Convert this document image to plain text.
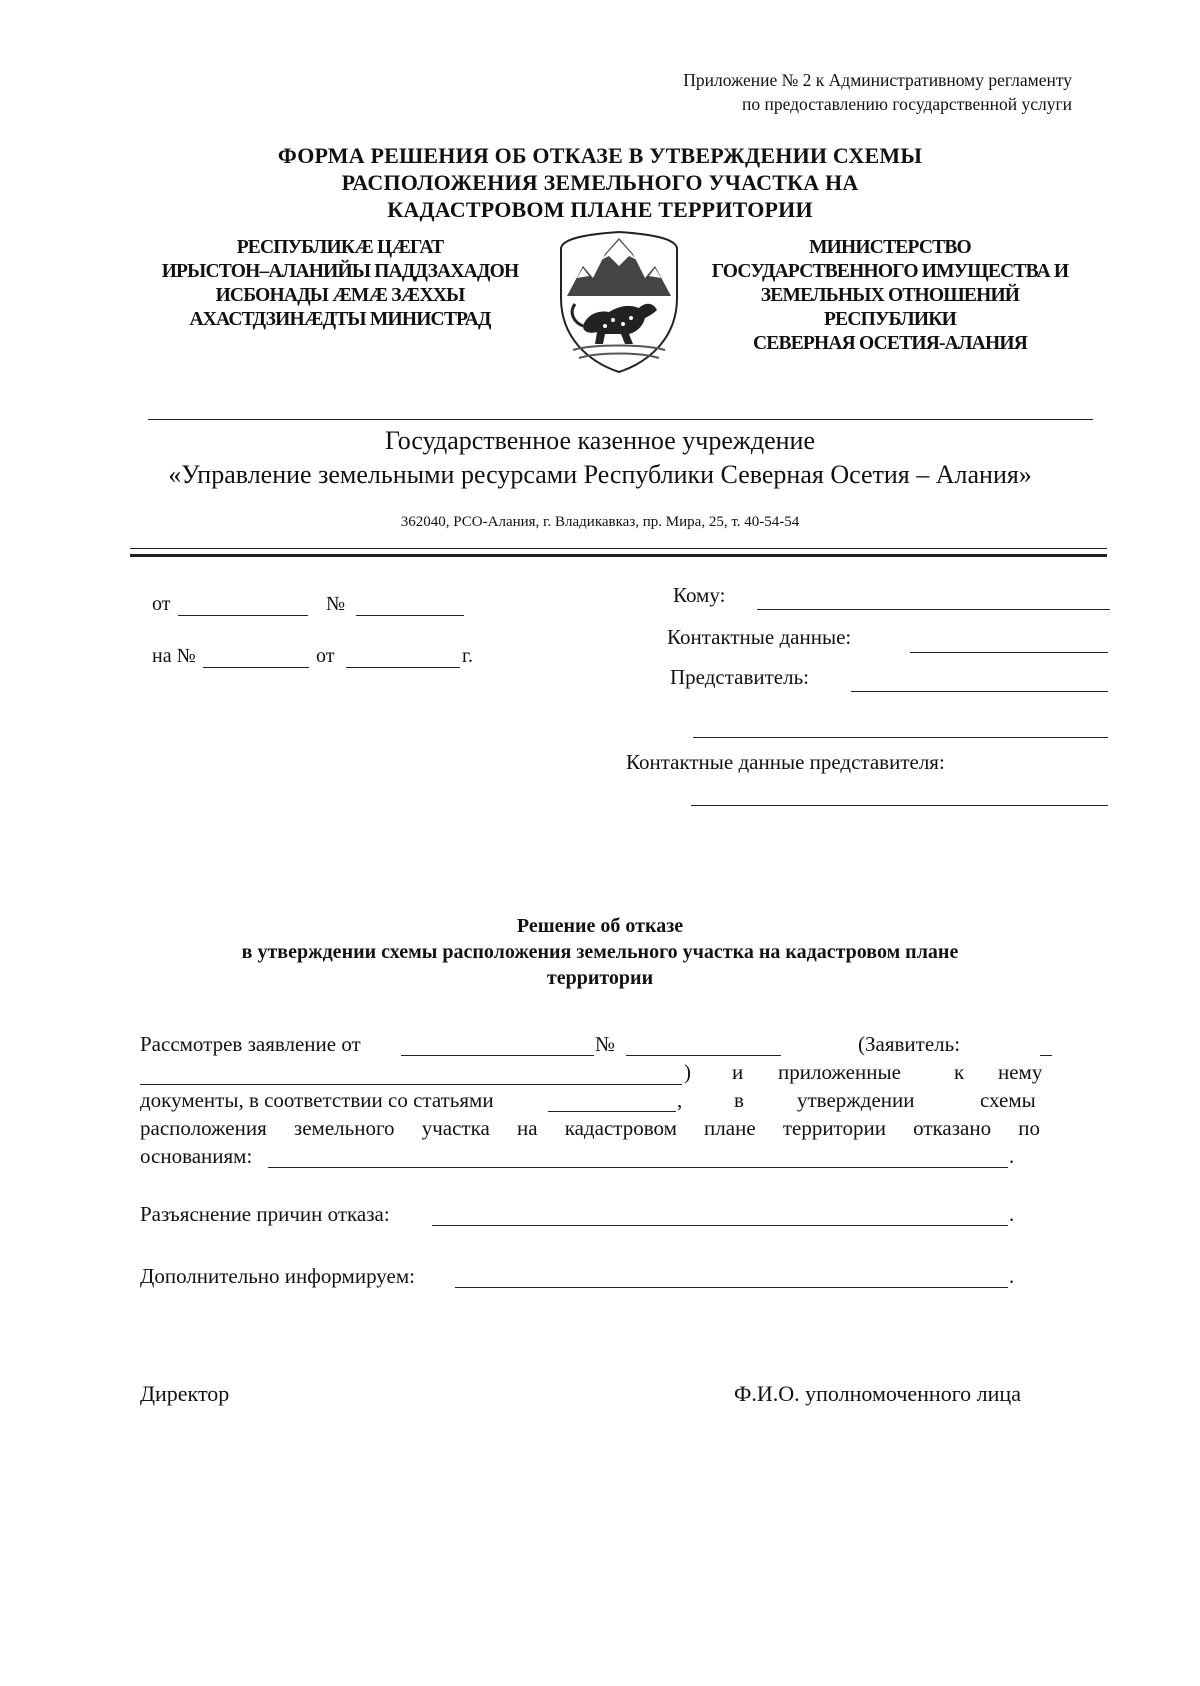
Приложение № 2 к Административному регламенту
по предоставлению государственной услуги
ФОРМА РЕШЕНИЯ ОБ ОТКАЗЕ В УТВЕРЖДЕНИИ СХЕМЫ
РАСПОЛОЖЕНИЯ ЗЕМЕЛЬНОГО УЧАСТКА НА
КАДАСТРОВОМ ПЛАНЕ ТЕРРИТОРИИ
РЕСПУБЛИКӔ ЦӔГАТ
ИРЫСТОН–АЛАНИЙЫ ПАДДЗАХАДОН
ИСБОНАДЫ ӔМӔ ЗӔХХЫ
АХАСТДЗИНӔДТЫ МИНИСТРАД
МИНИСТЕРСТВО
ГОСУДАРСТВЕННОГО ИМУЩЕСТВА И
ЗЕМЕЛЬНЫХ ОТНОШЕНИЙ
РЕСПУБЛИКИ
СЕВЕРНАЯ ОСЕТИЯ-АЛАНИЯ
Государственное казенное учреждение
«Управление земельными ресурсами Республики Северная Осетия – Алания»
362040, РСО-Алания, г. Владикавказ, пр. Мира, 25, т. 40-54-54
от	№
на №	от	г.
Кому:
Контактные данные:
Представитель:
Контактные данные представителя:
Решение об отказе
в утверждении схемы расположения земельного участка на кадастровом плане
территории
Рассмотрев заявление от	№	(Заявитель:
) и приложенные	к нему
документы, в соответствии со статьями	, в	утверждении	схемы
расположения земельного участка на кадастровом плане территории отказано по
основаниям:	.
Разъяснение причин отказа:	.
Дополнительно информируем:	.
Директор	Ф.И.О. уполномоченного лица
